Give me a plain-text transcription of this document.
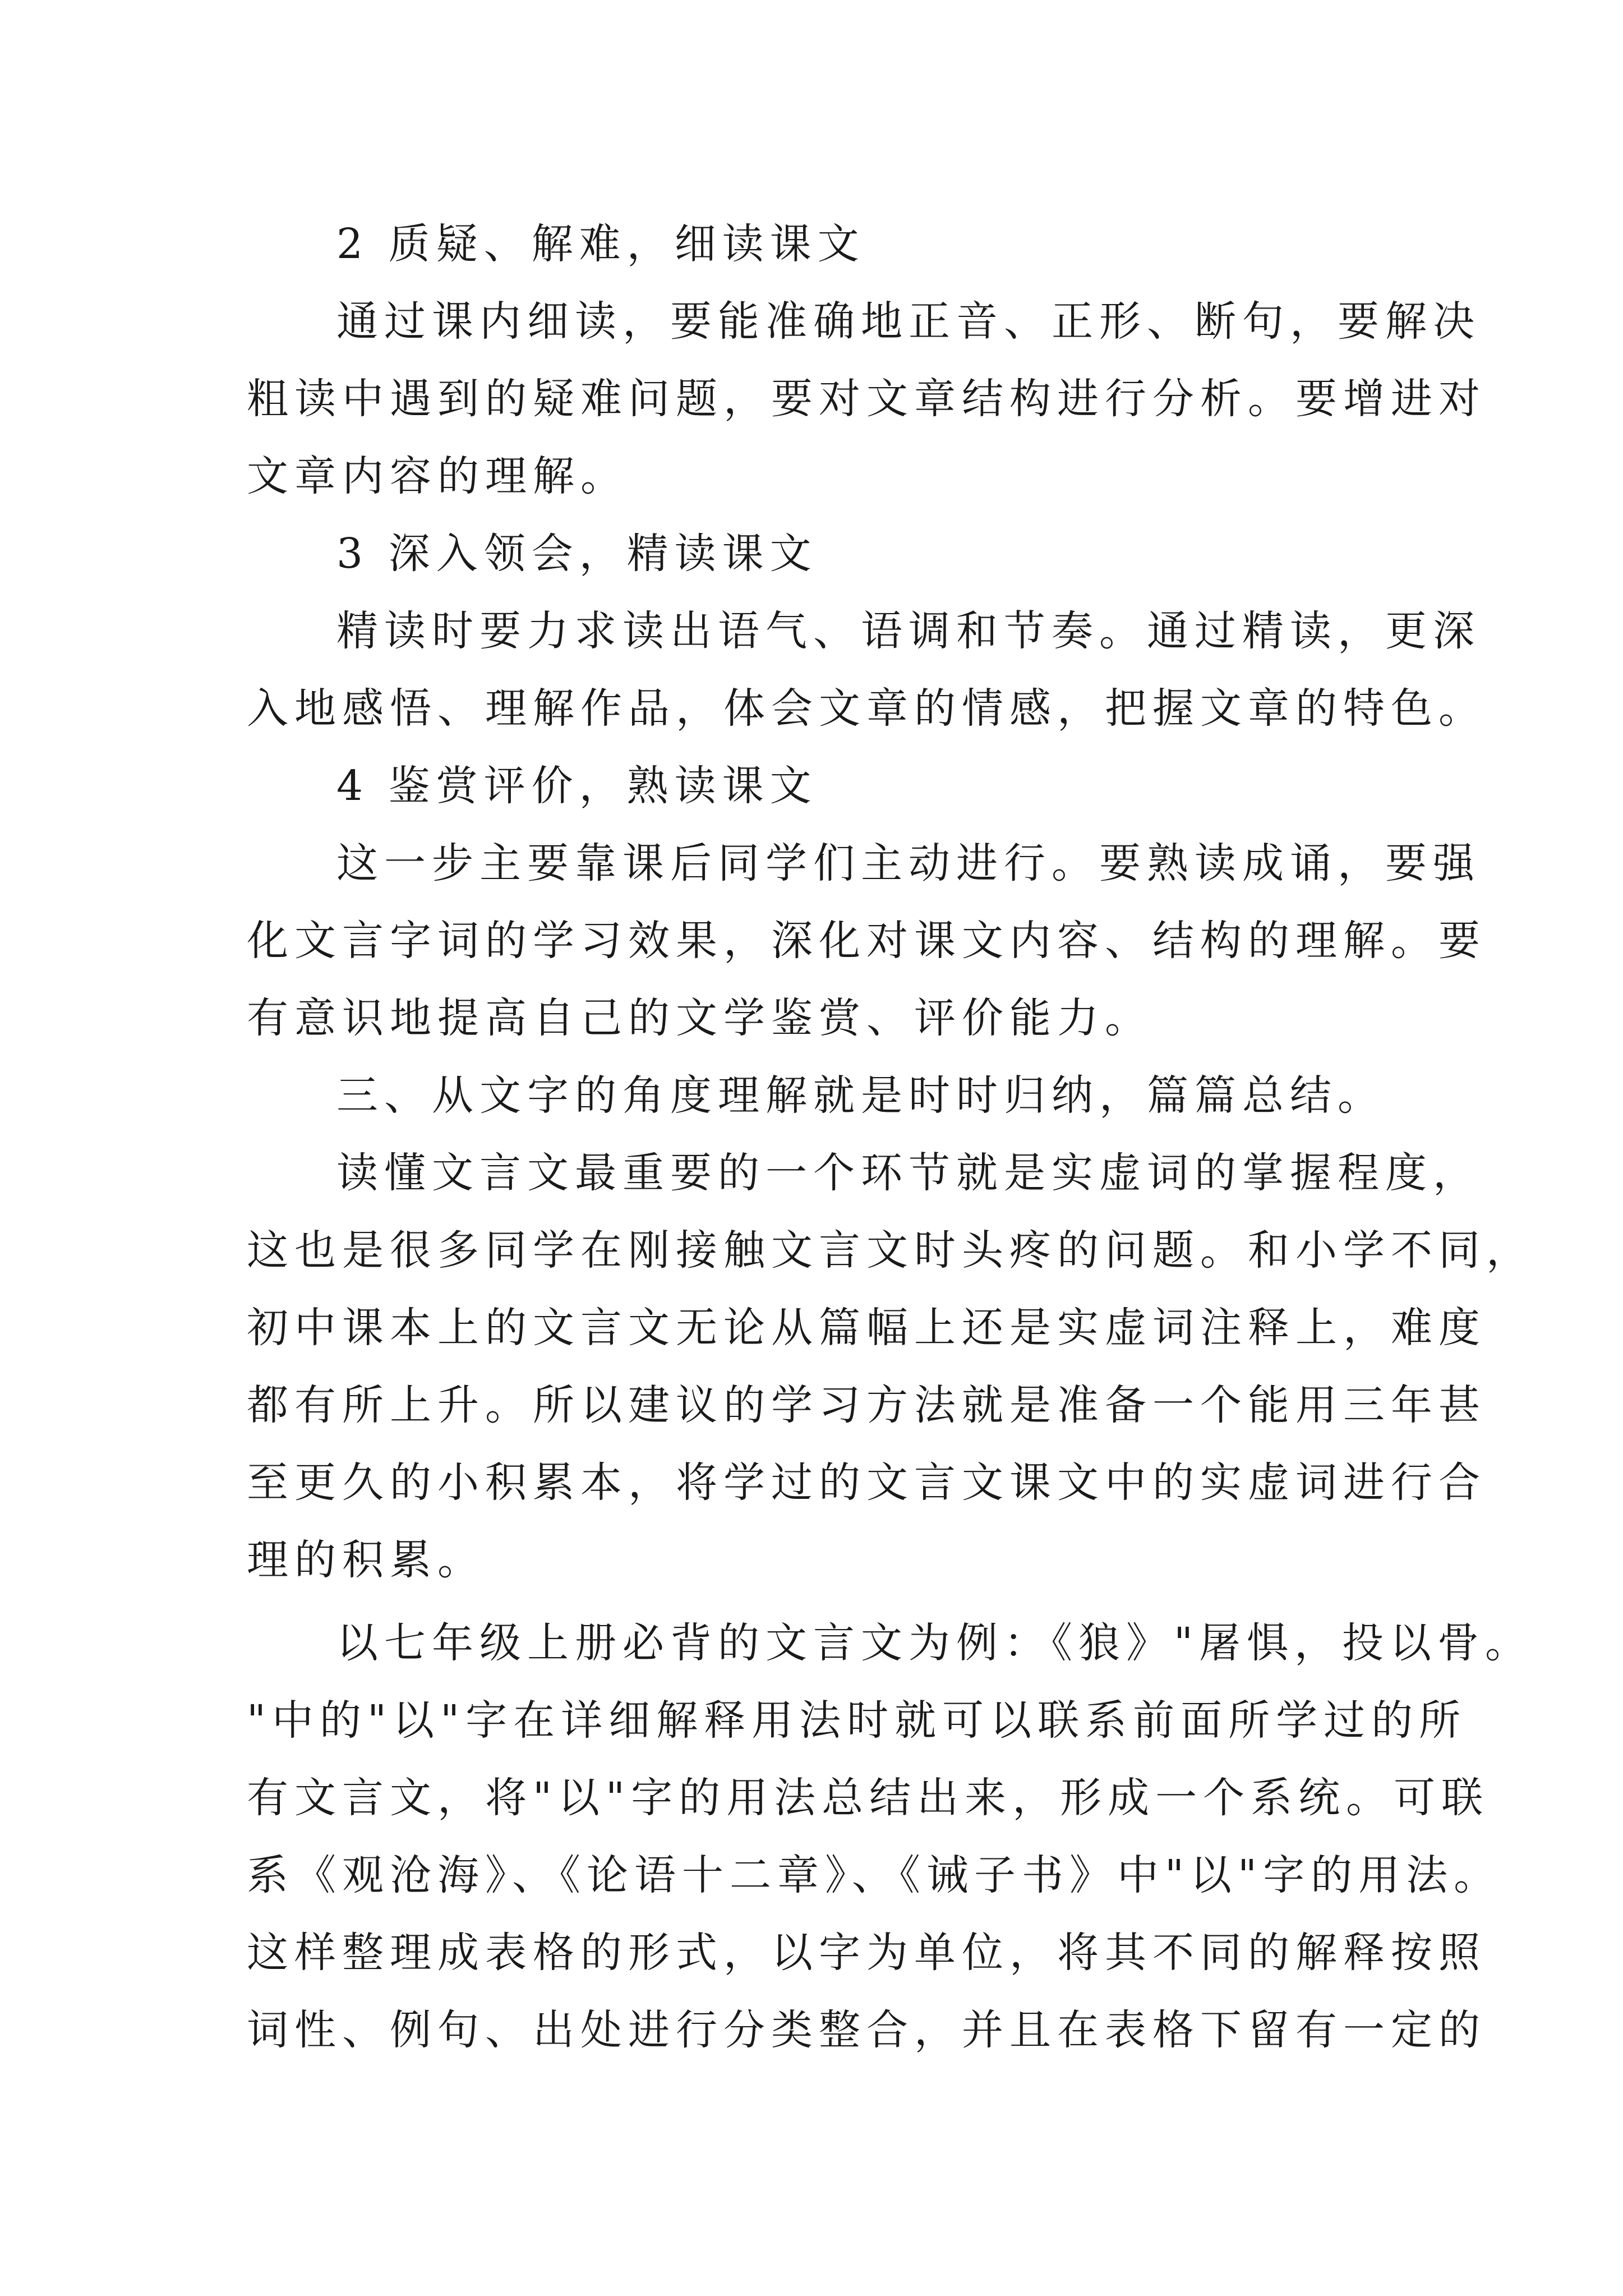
2 质疑、解难，细读课文
通过课内细读，要能准确地正音、正形、断句，要解决
粗读中遇到的疑难问题，要对文章结构进行分析。要增进对
文章内容的理解。
3 深入领会，精读课文
精读时要力求读出语气、语调和节奏。通过精读，更深
入地感悟、理解作品，体会文章的情感，把握文章的特色。
4 鉴赏评价，熟读课文
这一步主要靠课后同学们主动进行。要熟读成诵，要强
化文言字词的学习效果，深化对课文内容、结构的理解。要
有意识地提高自己的文学鉴赏、评价能力。
三、从文字的角度理解就是时时归纳，篇篇总结。
读懂文言文最重要的一个环节就是实虚词的掌握程度，
这也是很多同学在刚接触文言文时头疼的问题。和小学不同，
初中课本上的文言文无论从篇幅上还是实虚词注释上，难度
都有所上升。所以建议的学习方法就是准备一个能用三年甚
至更久的小积累本，将学过的文言文课文中的实虚词进行合
理的积累。
以七年级上册必背的文言文为例：《狼》"屠惧，投以骨。
"中的"以"字在详细解释用法时就可以联系前面所学过的所
有文言文，将"以"字的用法总结出来，形成一个系统。可联
系《观沧海》、《论语十二章》、《诫子书》中"以"字的用法。
这样整理成表格的形式，以字为单位，将其不同的解释按照
词性、例句、出处进行分类整合，并且在表格下留有一定的
